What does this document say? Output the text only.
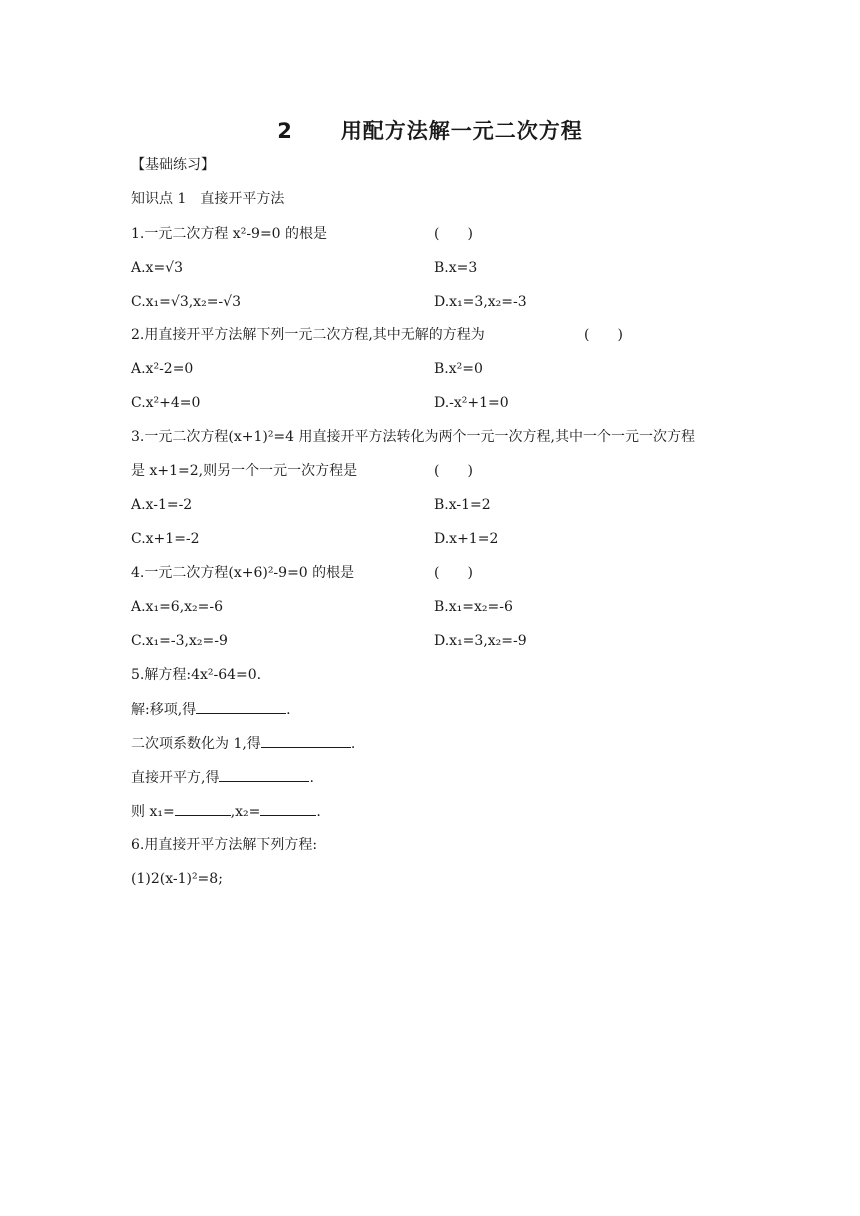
2 用配方法解一元二次方程
【基础练习】
知识点 1　直接开平方法
1.一元二次方程 x²-9=0 的根是	(　　)
A.x=√3	B.x=3
C.x₁=√3,x₂=-√3	D.x₁=3,x₂=-3
2.用直接开平方法解下列一元二次方程,其中无解的方程为	(　　)
A.x²-2=0	B.x²=0
C.x²+4=0	D.-x²+1=0
3.一元二次方程(x+1)²=4 用直接开平方法转化为两个一元一次方程,其中一个一元一次方程
是 x+1=2,则另一个一元一次方程是	(　　)
A.x-1=-2	B.x-1=2
C.x+1=-2	D.x+1=2
4.一元二次方程(x+6)²-9=0 的根是	(　　)
A.x₁=6,x₂=-6	B.x₁=x₂=-6
C.x₁=-3,x₂=-9	D.x₁=3,x₂=-9
5.解方程:4x²-64=0.
解:移项,得	.
二次项系数化为 1,得	.
直接开平方,得	.
则 x₁=	,x₂=	.
6.用直接开平方法解下列方程:
(1)2(x-1)²=8;
